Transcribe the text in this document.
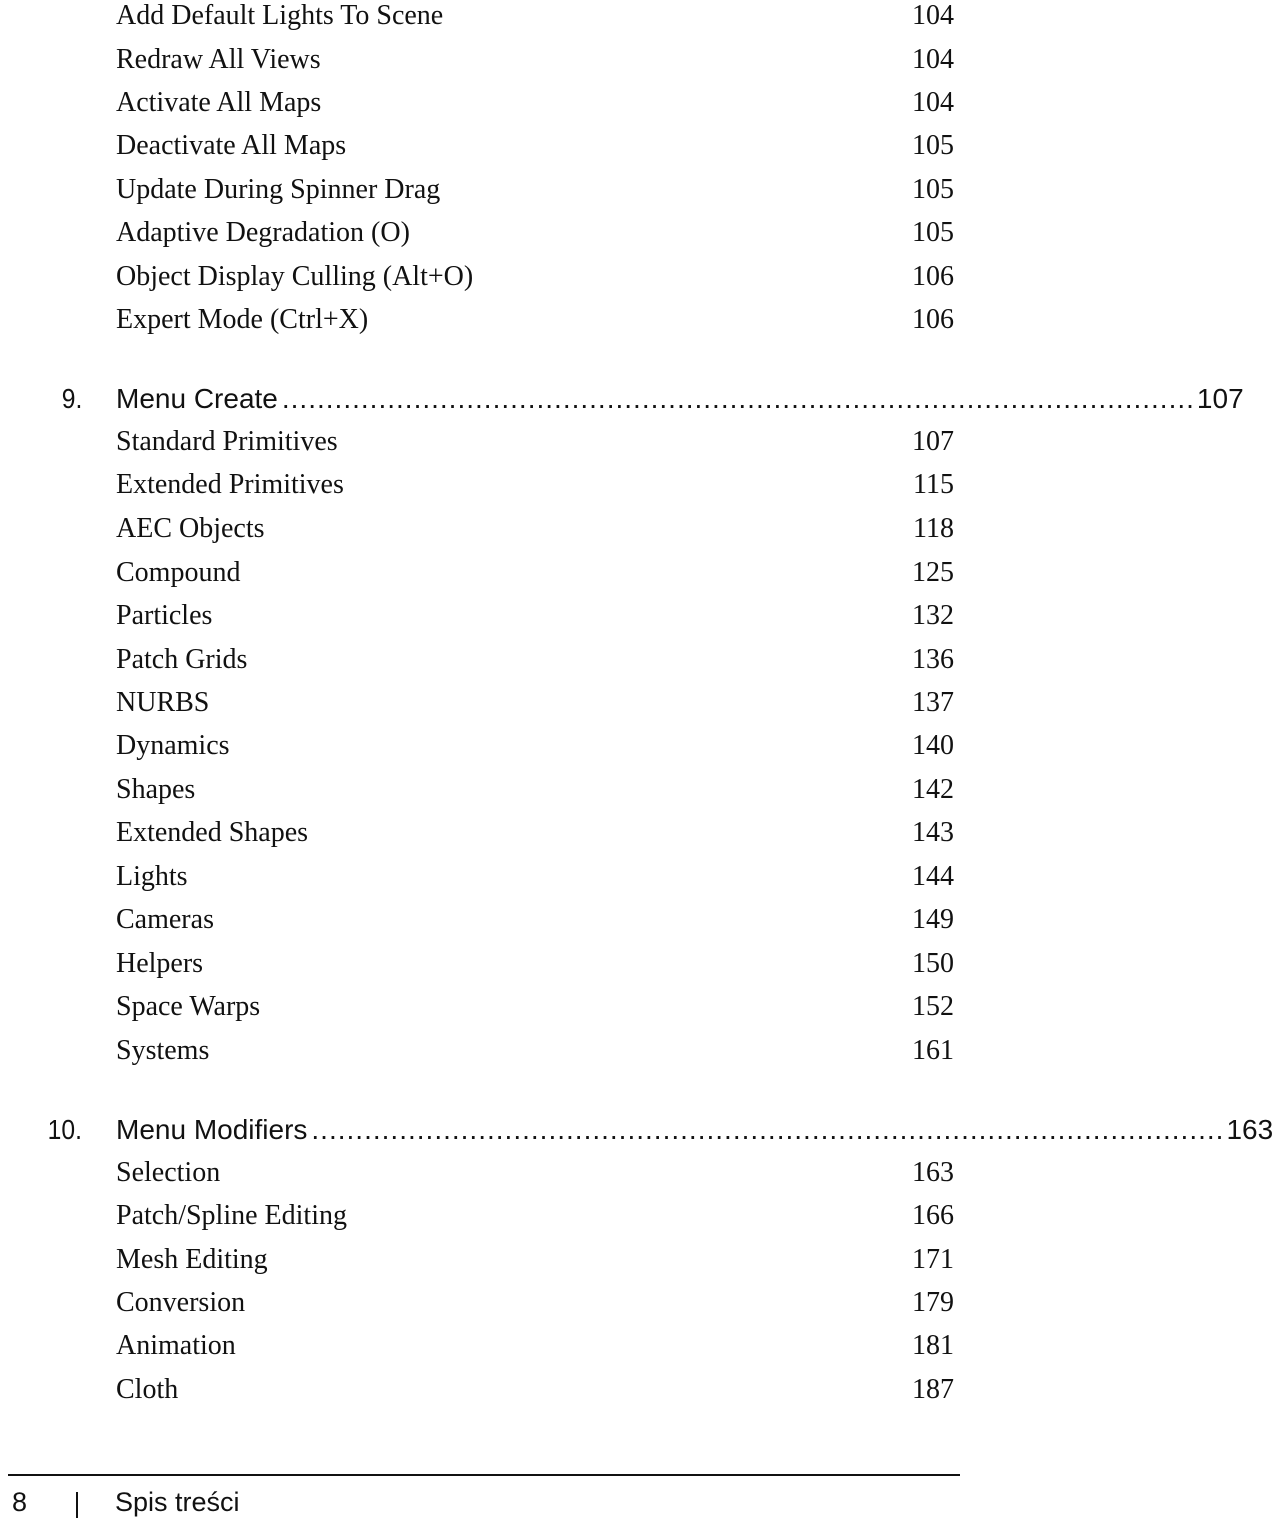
Add Default Lights To Scene	104
Redraw All Views	104
Activate All Maps	104
Deactivate All Maps	105
Update During Spinner Drag	105
Adaptive Degradation (O)	105
Object Display Culling (Alt+O)	106
Expert Mode (Ctrl+X)	106
9. Menu Create ........................................................................................................ 107
Standard Primitives	107
Extended Primitives	115
AEC Objects	118
Compound	125
Particles	132
Patch Grids	136
NURBS	137
Dynamics	140
Shapes	142
Extended Shapes	143
Lights	144
Cameras	149
Helpers	150
Space Warps	152
Systems	161
10. Menu Modifiers ........................................................................................................ 163
Selection	163
Patch/Spline Editing	166
Mesh Editing	171
Conversion	179
Animation	181
Cloth	187
8	Spis treści
